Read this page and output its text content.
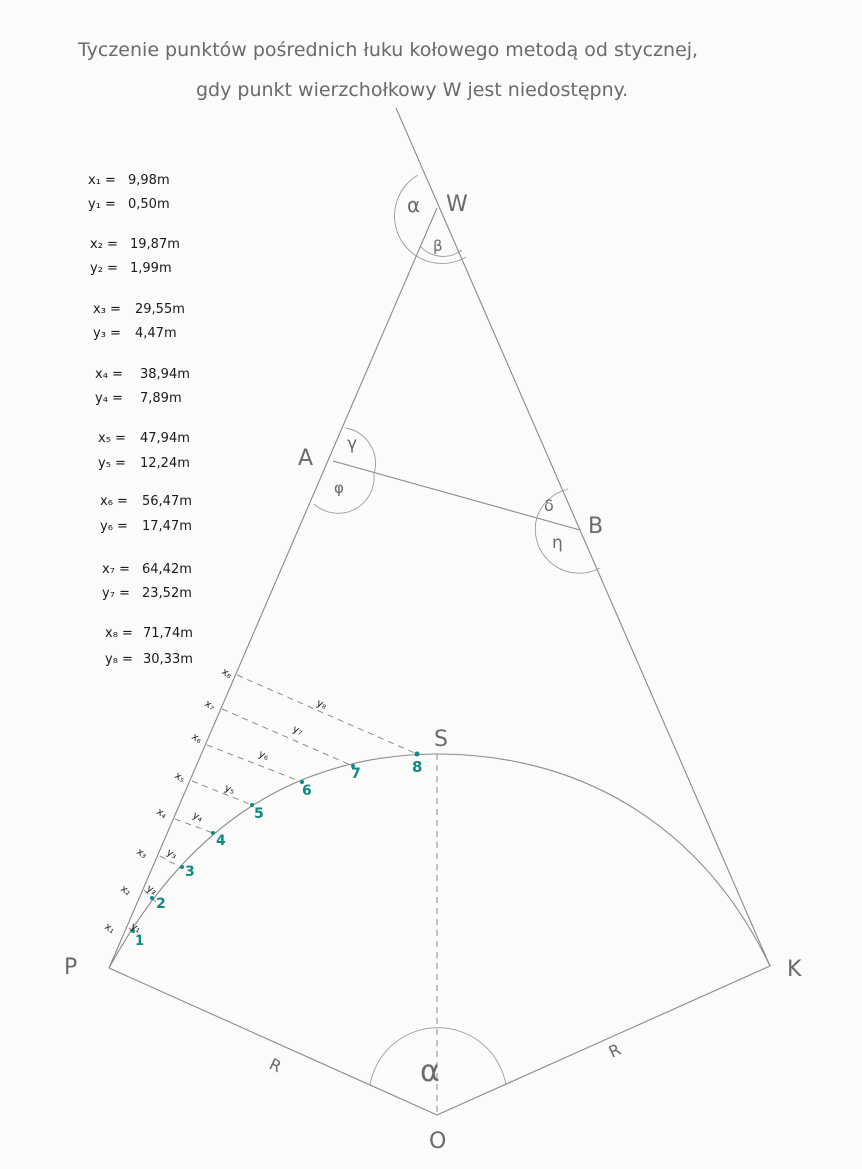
Tyczenie punktów pośrednich łuku kołowego metodą od stycznej,
gdy punkt wierzchołkowy W jest niedostępny.
1
2
3
4
5
6
7	8
x₁
x₂
x₃
x₄
x₅
x₆
x₇
x₈
y₁
y₂
y₃
y₄
y₅
y₆
y₇
y₈
W
A
B
S
P	K
O
α
β
γ
φ
δ
η
α
R
R
x₁ = 9,98m
y₁ = 0,50m
x₂ = 19,87m
y₂ = 1,99m
x₃ = 29,55m
y₃ = 4,47m
x₄ = 38,94m
y₄ = 7,89m
x₅ = 47,94m
y₅ = 12,24m
x₆ = 56,47m
y₆ = 17,47m
x₇ = 64,42m
y₇ = 23,52m
x₈ = 71,74m
y₈ = 30,33m
